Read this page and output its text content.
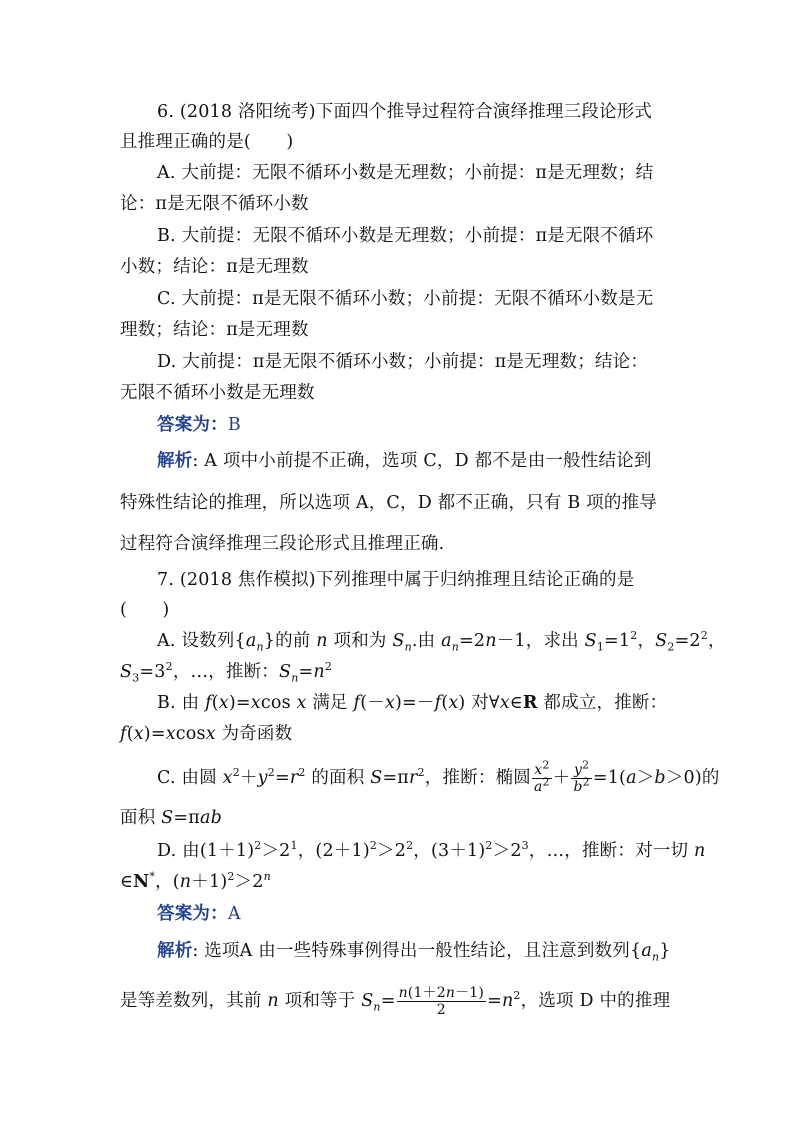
6. (2018 洛阳统考)下面四个推导过程符合演绎推理三段论形式
且推理正确的是(　　)
A. 大前提：无限不循环小数是无理数；小前提：π是无理数；结
论：π是无限不循环小数
B. 大前提：无限不循环小数是无理数；小前提：π是无限不循环
小数；结论：π是无理数
C. 大前提：π是无限不循环小数；小前提：无限不循环小数是无
理数；结论：π是无理数
D. 大前提：π是无限不循环小数；小前提：π是无理数；结论：
无限不循环小数是无理数
答案为：B
解析: A 项中小前提不正确，选项 C，D 都不是由一般性结论到
特殊性结论的推理，所以选项 A，C，D 都不正确，只有 B 项的推导
过程符合演绎推理三段论形式且推理正确.
7. (2018 焦作模拟)下列推理中属于归纳推理且结论正确的是
(　　)
A. 设数列$\{a_n\}$的前 n 项和为 $S_n$.由 $a_n=2n-1$，求出 $S_1=1^2$，$S_2=2^2$，
$S_3=3^2$，…，推断：$S_n=n^2$
B. 由 f(x)=xcos x 满足 f(－x)=－f(x) 对∀x∈R 都成立，推断：
f(x)=xcosx 为奇函数
C. 由圆 $x^2+y^2=r^2$ 的面积 $S=\pi r^2$，推断：椭圆 $\frac{x^2}{a^2} + \frac{y^2}{b^2} =1(a>b>0)$的
面积 S=πab
D. 由$(1+1)^2>2^1$，$(2+1)^2>2^2$，$(3+1)^2>2^3$，…，推断：对一切 n
∈N*，$(n+1)^2>2^n$
答案为：A
解析: 选项A 由一些特殊事例得出一般性结论，且注意到数列$\{a_n\}$
是等差数列，其前 n 项和等于 $S_n= \frac{n(1+2n-1)}{2} =n^2$，选项 D 中的推理
